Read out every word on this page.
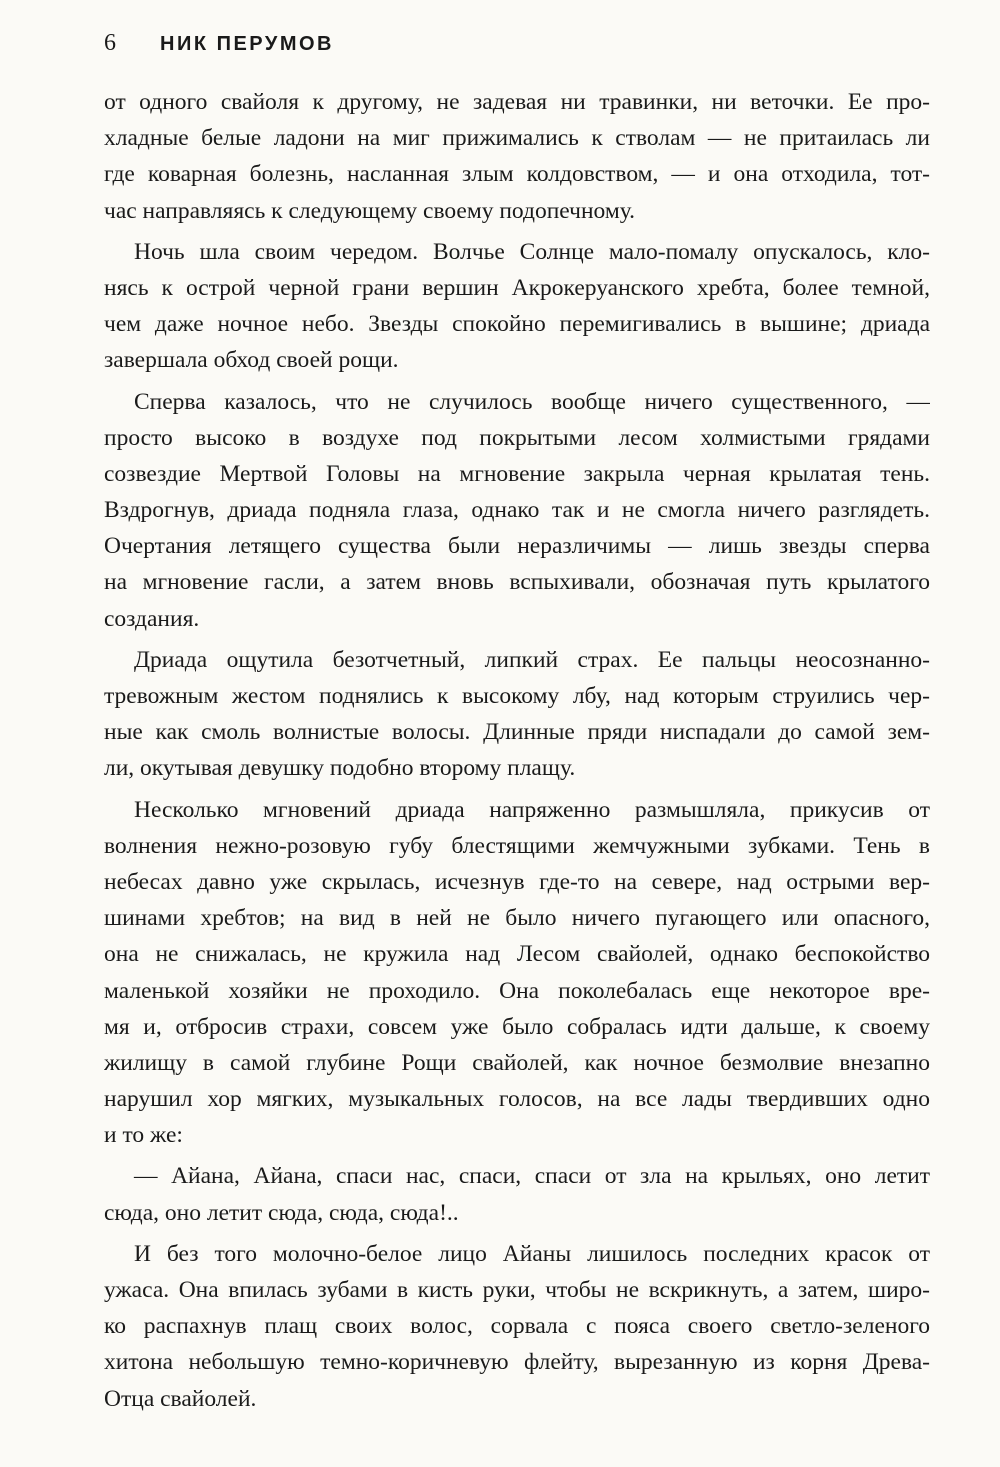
6	НИК ПЕРУМОВ
от одного свайоля к другому, не задевая ни травинки, ни веточки. Ее про-
хладные белые ладони на миг прижимались к стволам — не притаилась ли
где коварная болезнь, насланная злым колдовством, — и она отходила, тот-
час направляясь к следующему своему подопечному.
Ночь шла своим чередом. Волчье Солнце мало-помалу опускалось, кло-
нясь к острой черной грани вершин Акрокеруанского хребта, более темной,
чем даже ночное небо. Звезды спокойно перемигивались в вышине; дриада
завершала обход своей рощи.
Сперва казалось, что не случилось вообще ничего существенного, —
просто высоко в воздухе под покрытыми лесом холмистыми грядами
созвездие Мертвой Головы на мгновение закрыла черная крылатая тень.
Вздрогнув, дриада подняла глаза, однако так и не смогла ничего разглядеть.
Очертания летящего существа были неразличимы — лишь звезды сперва
на мгновение гасли, а затем вновь вспыхивали, обозначая путь крылатого
создания.
Дриада ощутила безотчетный, липкий страх. Ее пальцы неосознанно-
тревожным жестом поднялись к высокому лбу, над которым струились чер-
ные как смоль волнистые волосы. Длинные пряди ниспадали до самой зем-
ли, окутывая девушку подобно второму плащу.
Несколько мгновений дриада напряженно размышляла, прикусив от
волнения нежно-розовую губу блестящими жемчужными зубками. Тень в
небесах давно уже скрылась, исчезнув где-то на севере, над острыми вер-
шинами хребтов; на вид в ней не было ничего пугающего или опасного,
она не снижалась, не кружила над Лесом свайолей, однако беспокойство
маленькой хозяйки не проходило. Она поколебалась еще некоторое вре-
мя и, отбросив страхи, совсем уже было собралась идти дальше, к своему
жилищу в самой глубине Рощи свайолей, как ночное безмолвие внезапно
нарушил хор мягких, музыкальных голосов, на все лады твердивших одно
и то же:
— Айана, Айана, спаси нас, спаси, спаси от зла на крыльях, оно летит
сюда, оно летит сюда, сюда, сюда!..
И без того молочно-белое лицо Айаны лишилось последних красок от
ужаса. Она впилась зубами в кисть руки, чтобы не вскрикнуть, а затем, широ-
ко распахнув плащ своих волос, сорвала с пояса своего светло-зеленого
хитона небольшую темно-коричневую флейту, вырезанную из корня Древа-
Отца свайолей.
